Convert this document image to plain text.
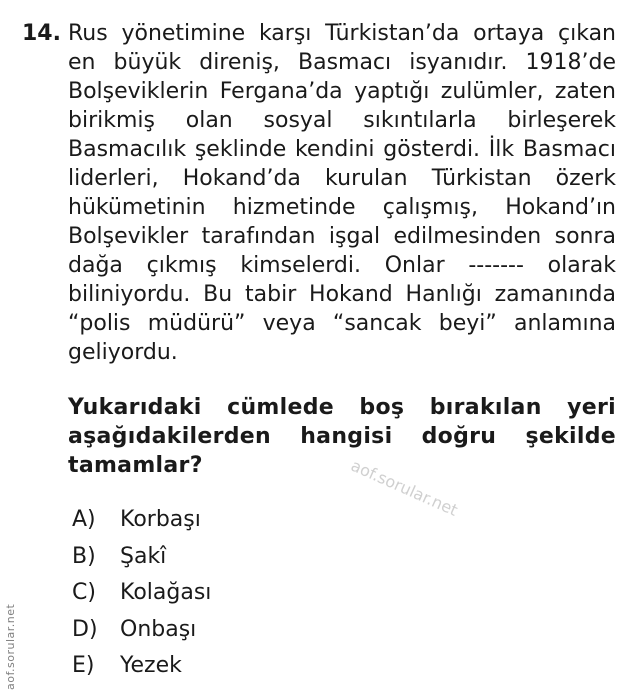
14. Rus yönetimine karşı Türkistan’da ortaya çıkan en büyük direniş, Basmacı isyanıdır. 1918’de Bolşeviklerin Fergana’da yaptığı zulümler, zaten birikmiş olan sosyal sıkıntılarla birleşerek Basmacılık şeklinde kendini gösterdi. İlk Basmacı liderleri, Hokand’da kurulan Türkistan özerk hükümetinin hizmetinde çalışmış, Hokand’ın Bolşevikler tarafından işgal edilmesinden sonra dağa çıkmış kimselerdi. Onlar ------- olarak biliniyordu. Bu tabir Hokand Hanlığı zamanında “polis müdürü” veya “sancak beyi” anlamına geliyordu.

Yukarıdaki cümlede boş bırakılan yeri aşağıdakilerden hangisi doğru şekilde tamamlar?

A)	Korbaşı
B)	Şakî
C)	Kolağası
D)	Onbaşı
E)	Yezek
aof.sorular.net
aof.sorular.net
